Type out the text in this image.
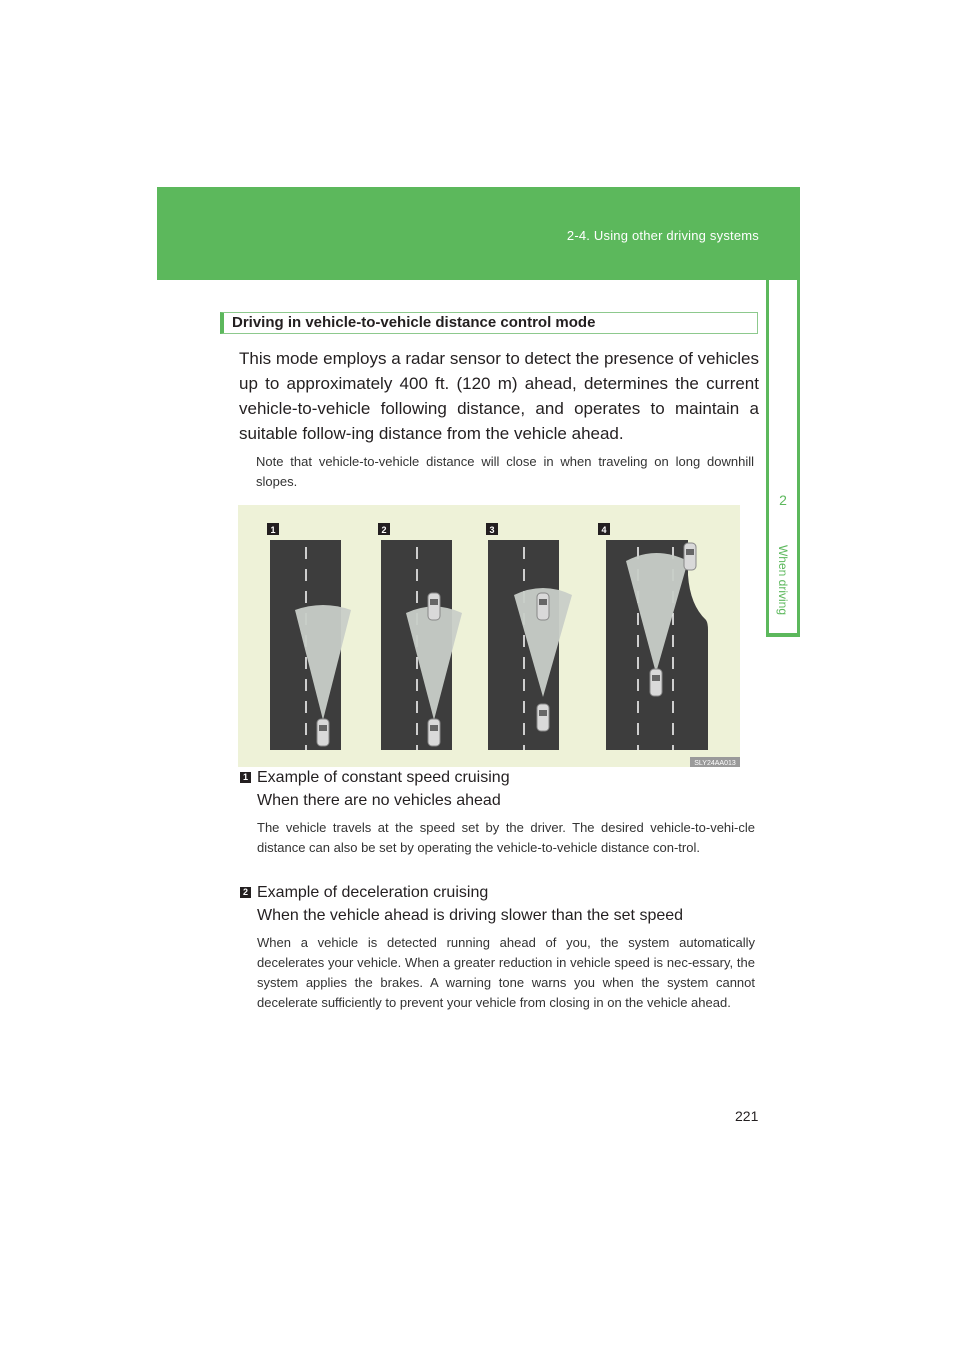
2-4. Using other driving systems
2
When driving
Driving in vehicle-to-vehicle distance control mode

This mode employs a radar sensor to detect the presence of vehicles up to approximately 400 ft. (120 m) ahead, determines the current vehicle-to-vehicle following distance, and operates to maintain a suitable follow-ing distance from the vehicle ahead.

Note that vehicle-to-vehicle distance will close in when traveling on long downhill slopes.

1	2	3	4
SLY24AA013
1 Example of constant speed cruising

When there are no vehicles ahead

The vehicle travels at the speed set by the driver. The desired vehicle-to-vehi-cle distance can also be set by operating the vehicle-to-vehicle distance con-trol.

2 Example of deceleration cruising

When the vehicle ahead is driving slower than the set speed

When a vehicle is detected running ahead of you, the system automatically decelerates your vehicle. When a greater reduction in vehicle speed is nec-essary, the system applies the brakes. A warning tone warns you when the system cannot decelerate sufficiently to prevent your vehicle from closing in on the vehicle ahead.

221
